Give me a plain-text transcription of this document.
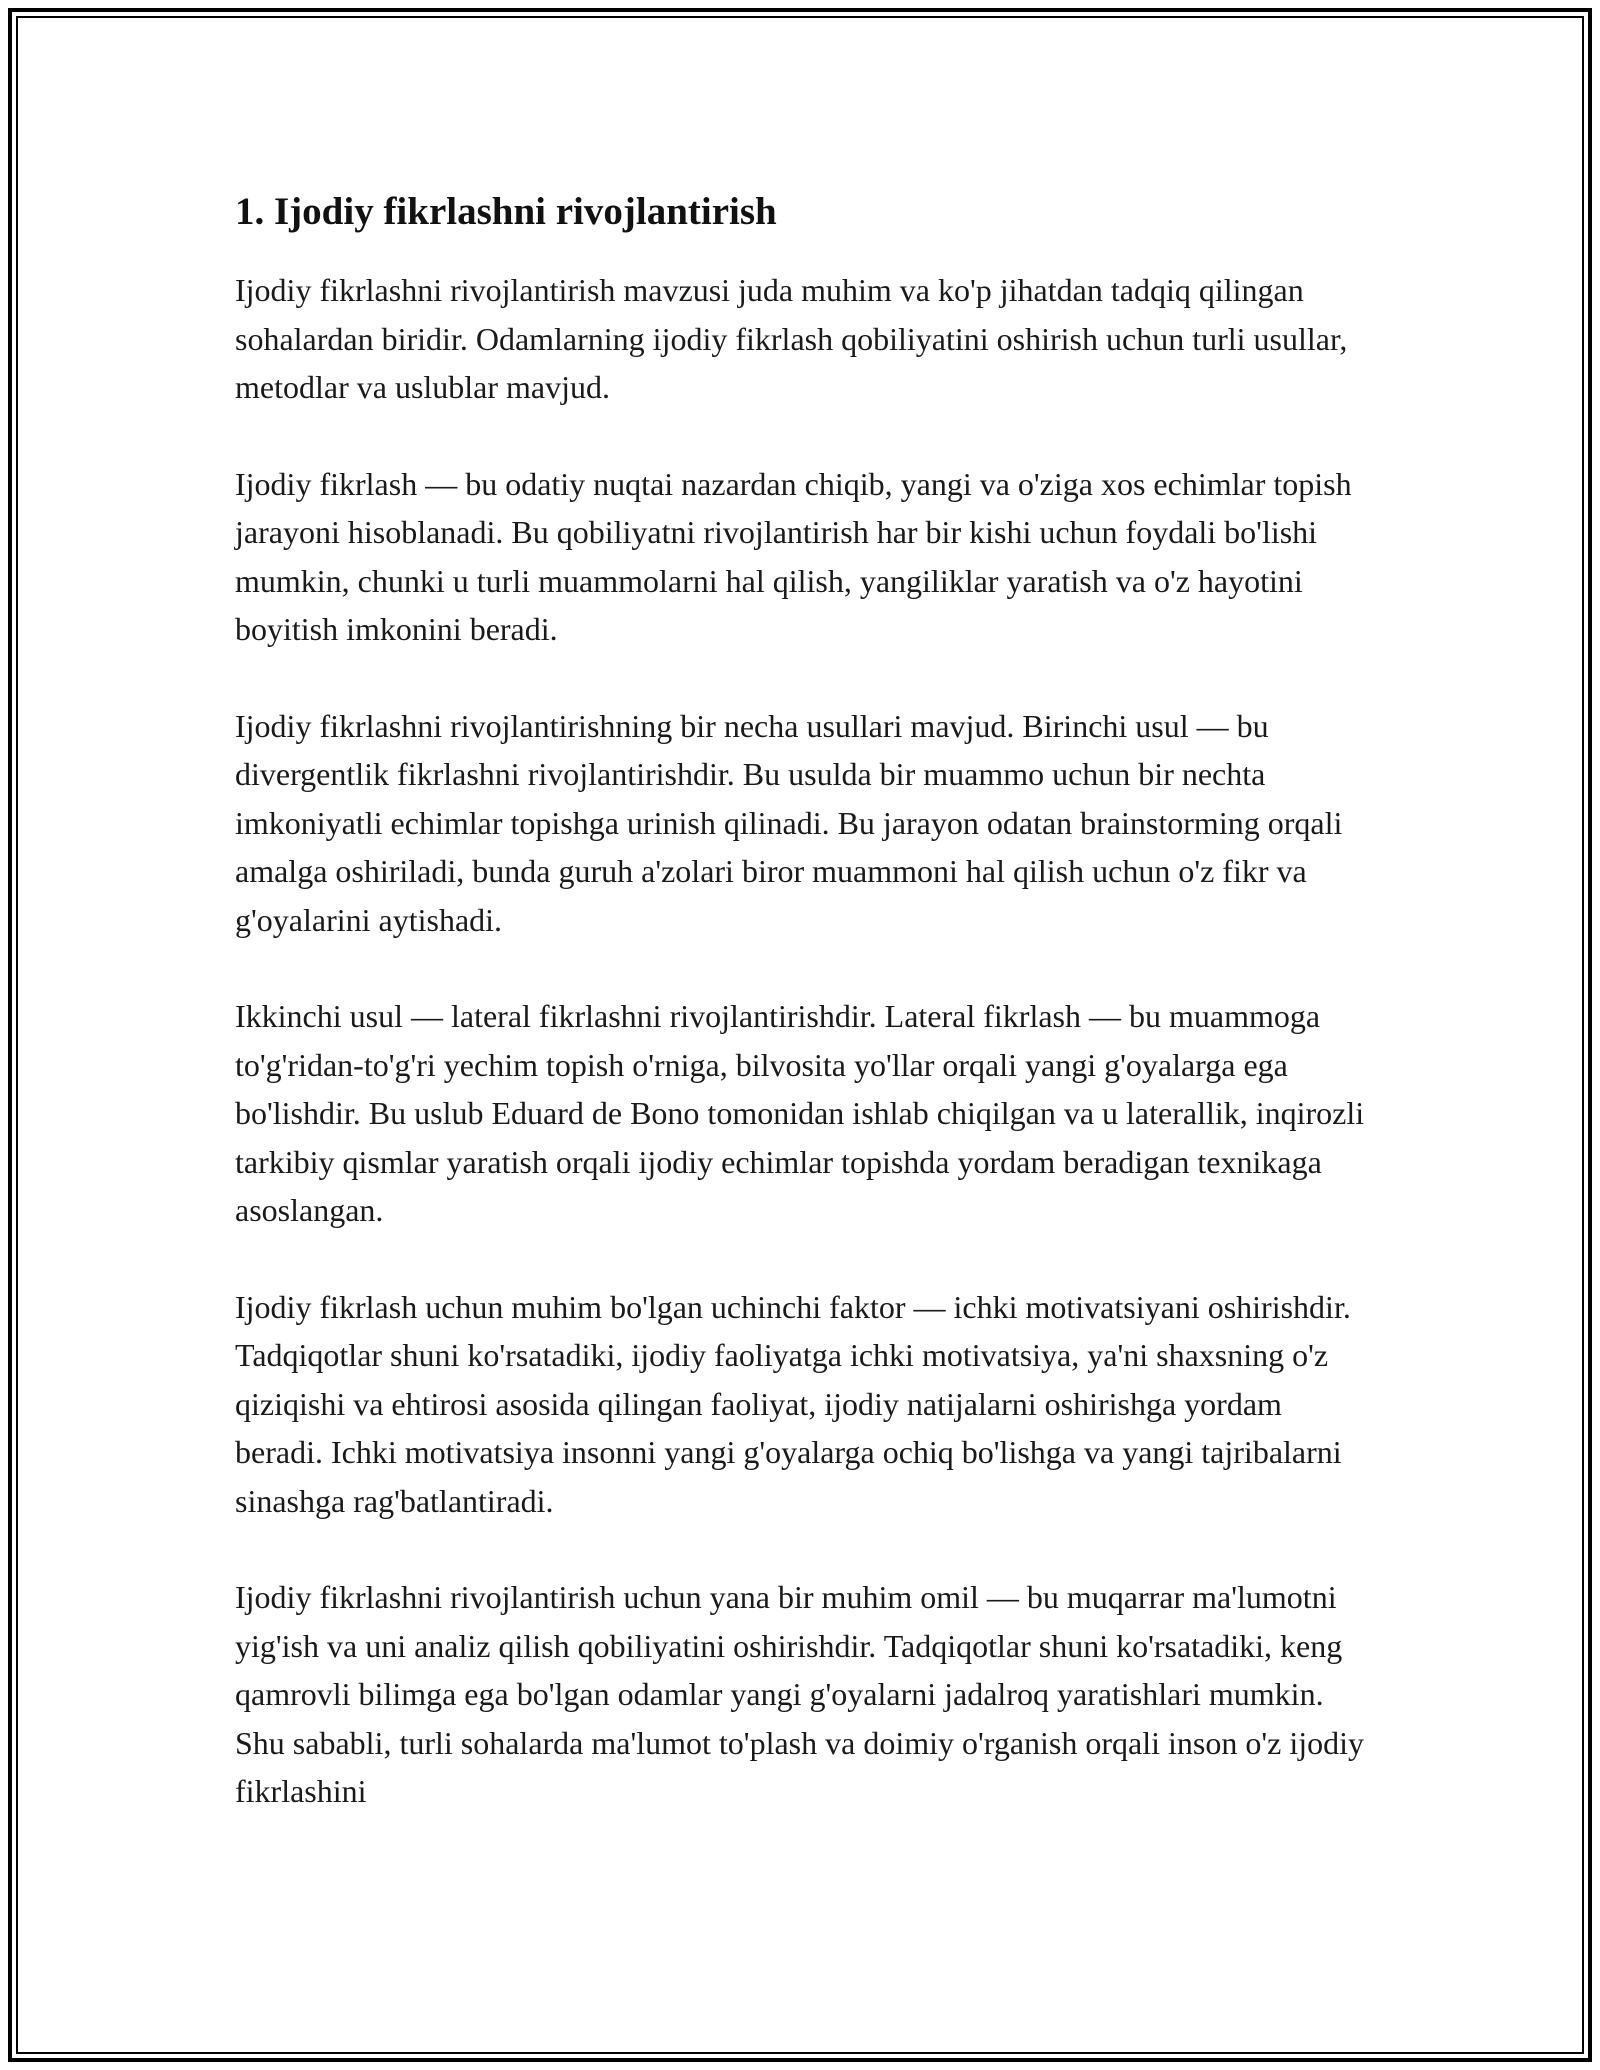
1. Ijodiy fikrlashni rivojlantirish

Ijodiy fikrlashni rivojlantirish mavzusi juda muhim va ko'p jihatdan tadqiq qilingan sohalardan biridir. Odamlarning ijodiy fikrlash qobiliyatini oshirish uchun turli usullar, metodlar va uslublar mavjud.

Ijodiy fikrlash — bu odatiy nuqtai nazardan chiqib, yangi va o'ziga xos echimlar topish jarayoni hisoblanadi. Bu qobiliyatni rivojlantirish har bir kishi uchun foydali bo'lishi mumkin, chunki u turli muammolarni hal qilish, yangiliklar yaratish va o'z hayotini boyitish imkonini beradi.

Ijodiy fikrlashni rivojlantirishning bir necha usullari mavjud. Birinchi usul — bu divergentlik fikrlashni rivojlantirishdir. Bu usulda bir muammo uchun bir nechta imkoniyatli echimlar topishga urinish qilinadi. Bu jarayon odatan brainstorming orqali amalga oshiriladi, bunda guruh a'zolari biror muammoni hal qilish uchun o'z fikr va g'oyalarini aytishadi.

Ikkinchi usul — lateral fikrlashni rivojlantirishdir. Lateral fikrlash — bu muammoga to'g'ridan-to'g'ri yechim topish o'rniga, bilvosita yo'llar orqali yangi g'oyalarga ega bo'lishdir. Bu uslub Eduard de Bono tomonidan ishlab chiqilgan va u laterallik, inqirozli tarkibiy qismlar yaratish orqali ijodiy echimlar topishda yordam beradigan texnikaga asoslangan.

Ijodiy fikrlash uchun muhim bo'lgan uchinchi faktor — ichki motivatsiyani oshirishdir. Tadqiqotlar shuni ko'rsatadiki, ijodiy faoliyatga ichki motivatsiya, ya'ni shaxsning o'z qiziqishi va ehtirosi asosida qilingan faoliyat, ijodiy natijalarni oshirishga yordam beradi. Ichki motivatsiya insonni yangi g'oyalarga ochiq bo'lishga va yangi tajribalarni sinashga rag'batlantiradi.

Ijodiy fikrlashni rivojlantirish uchun yana bir muhim omil — bu muqarrar ma'lumotni yig'ish va uni analiz qilish qobiliyatini oshirishdir. Tadqiqotlar shuni ko'rsatadiki, keng qamrovli bilimga ega bo'lgan odamlar yangi g'oyalarni jadalroq yaratishlari mumkin. Shu sababli, turli sohalarda ma'lumot to'plash va doimiy o'rganish orqali inson o'z ijodiy fikrlashini
